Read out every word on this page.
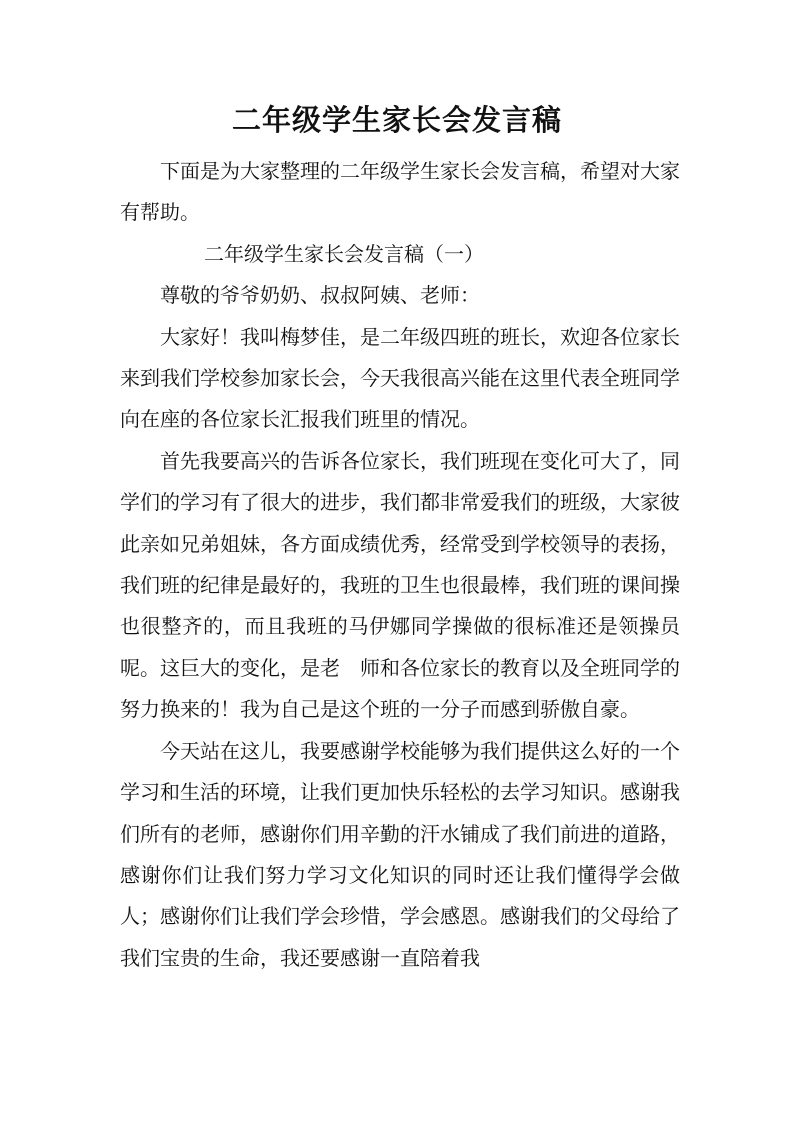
二年级学生家长会发言稿

下面是为大家整理的二年级学生家长会发言稿，希望对大家有帮助。

二年级学生家长会发言稿（一）

尊敬的爷爷奶奶、叔叔阿姨、老师：

大家好！我叫梅梦佳，是二年级四班的班长，欢迎各位家长来到我们学校参加家长会，今天我很高兴能在这里代表全班同学向在座的各位家长汇报我们班里的情况。

首先我要高兴的告诉各位家长，我们班现在变化可大了，同学们的学习有了很大的进步，我们都非常爱我们的班级，大家彼此亲如兄弟姐妹，各方面成绩优秀，经常受到学校领导的表扬，我们班的纪律是最好的，我班的卫生也很最棒，我们班的课间操也很整齐的，而且我班的马伊娜同学操做的很标准还是领操员呢。这巨大的变化，是老　师和各位家长的教育以及全班同学的努力换来的！我为自己是这个班的一分子而感到骄傲自豪。

今天站在这儿，我要感谢学校能够为我们提供这么好的一个学习和生活的环境，让我们更加快乐轻松的去学习知识。感谢我们所有的老师，感谢你们用辛勤的汗水铺成了我们前进的道路，感谢你们让我们努力学习文化知识的同时还让我们懂得学会做人；感谢你们让我们学会珍惜，学会感恩。感谢我们的父母给了我们宝贵的生命，我还要感谢一直陪着我
